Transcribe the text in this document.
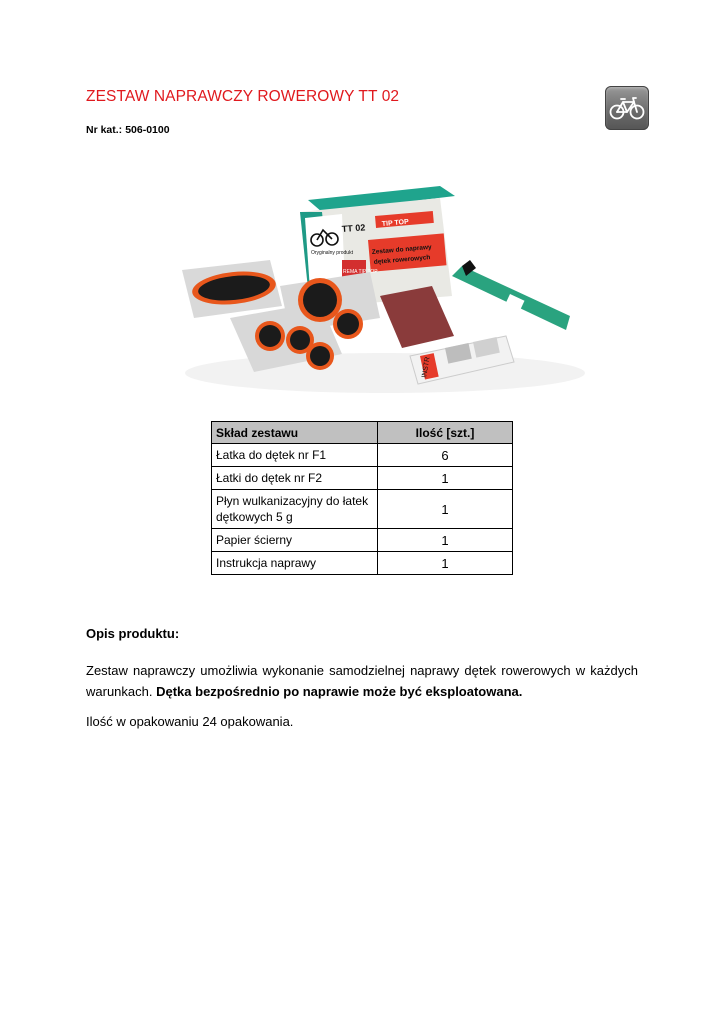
ZESTAW NAPRAWCZY ROWEROWY TT 02
Nr kat.: 506-0100
TT 02 TIP TOP
Zestaw do naprawy
dętek rowerowych
REMA TIP TOP
Oryginalny produkt
INSTR
Skład zestawu	Ilość [szt.]
Łatka do dętek nr F1	6
Łatki do dętek nr F2	1
Płyn wulkanizacyjny do łatek dętkowych 5 g	1
Papier ścierny	1
Instrukcja naprawy	1
Opis produktu:
Zestaw naprawczy umożliwia wykonanie samodzielnej naprawy dętek rowerowych w każdych warunkach. Dętka bezpośrednio po naprawie może być eksploatowana.
Ilość w opakowaniu 24 opakowania.
